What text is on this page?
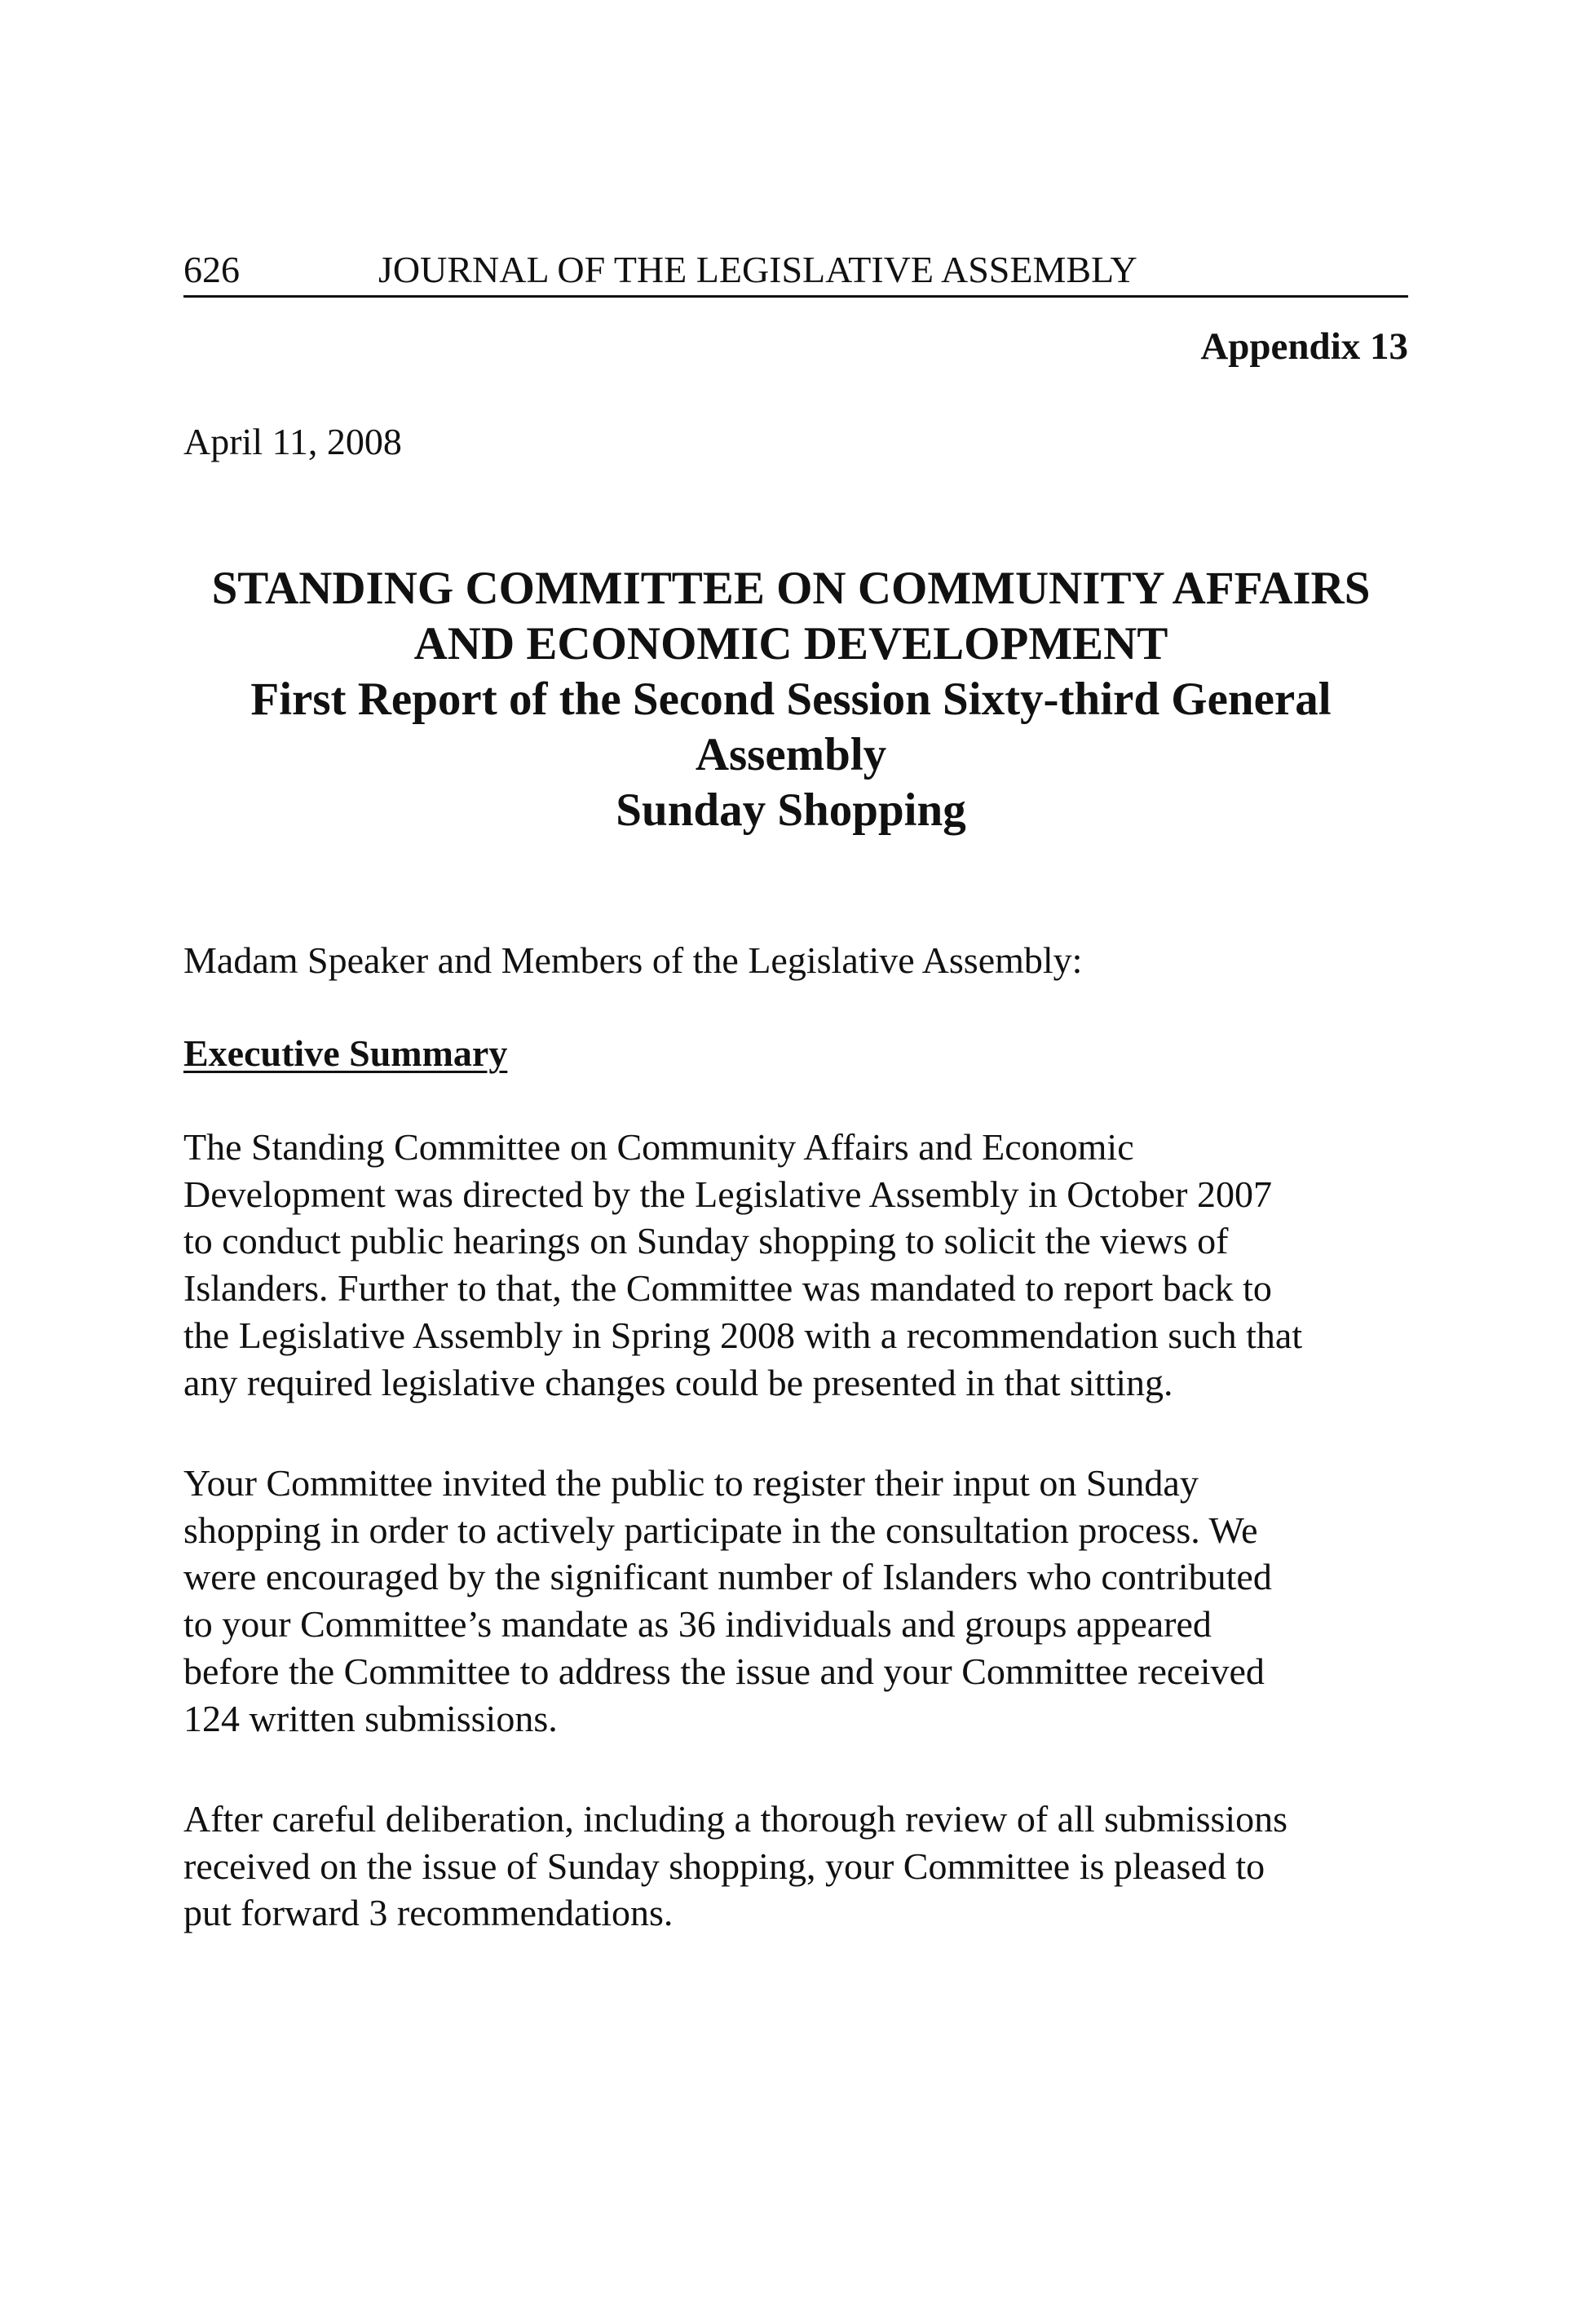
626	JOURNAL OF THE LEGISLATIVE ASSEMBLY
Appendix 13
April 11, 2008
STANDING COMMITTEE ON COMMUNITY AFFAIRS
AND ECONOMIC DEVELOPMENT
First Report of the Second Session Sixty-third General
Assembly
Sunday Shopping
Madam Speaker and Members of the Legislative Assembly:
Executive Summary
The Standing Committee on Community Affairs and Economic
Development was directed by the Legislative Assembly in October 2007
to conduct public hearings on Sunday shopping to solicit the views of
Islanders. Further to that, the Committee was mandated to report back to
the Legislative Assembly in Spring 2008 with a recommendation such that
any required legislative changes could be presented in that sitting.
Your Committee invited the public to register their input on Sunday
shopping in order to actively participate in the consultation process. We
were encouraged by the significant number of Islanders who contributed
to your Committee’s mandate as 36 individuals and groups appeared
before the Committee to address the issue and your Committee received
124 written submissions.
After careful deliberation, including a thorough review of all submissions
received on the issue of Sunday shopping, your Committee is pleased to
put forward 3 recommendations.
